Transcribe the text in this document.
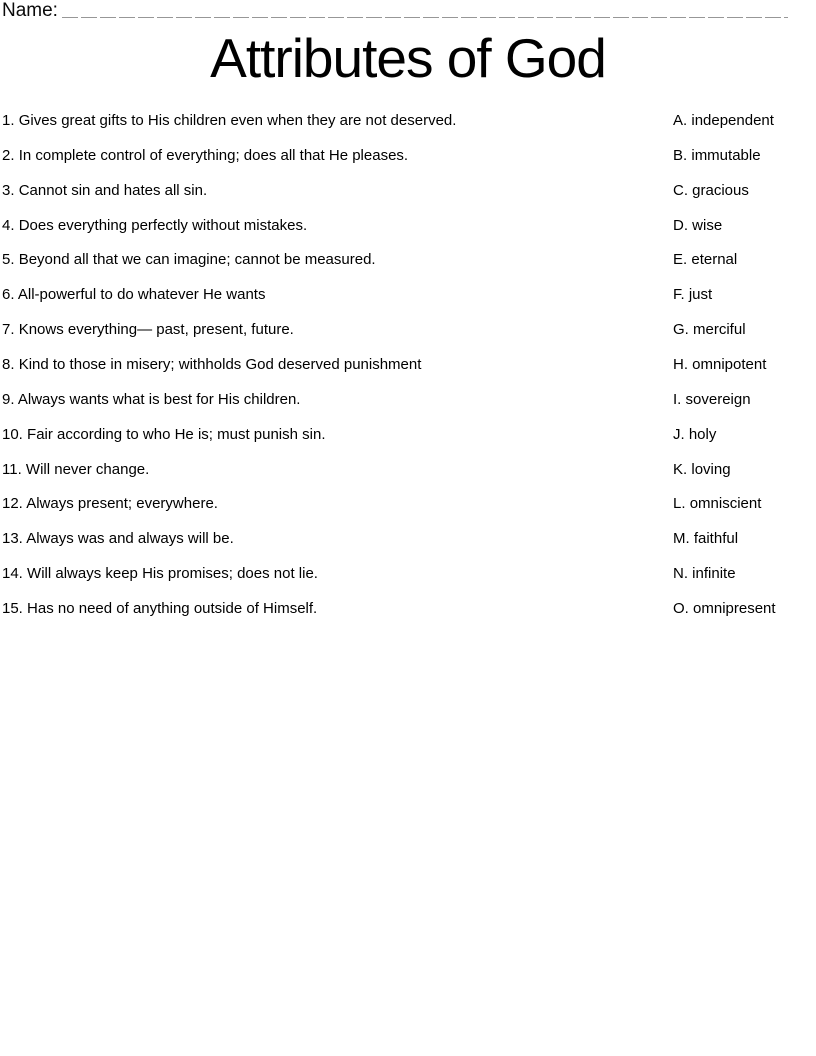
Name:
Attributes of God
1. Gives great gifts to His children even when they are not deserved.	A. independent
2. In complete control of everything; does all that He pleases.	B. immutable
3. Cannot sin and hates all sin.	C. gracious
4. Does everything perfectly without mistakes.	D. wise
5. Beyond all that we can imagine; cannot be measured.	E. eternal
6. All-powerful to do whatever He wants	F. just
7. Knows everything— past, present, future.	G. merciful
8. Kind to those in misery; withholds God deserved punishment	H. omnipotent
9. Always wants what is best for His children.	I. sovereign
10. Fair according to who He is; must punish sin.	J. holy
11. Will never change.	K. loving
12. Always present; everywhere.	L. omniscient
13. Always was and always will be.	M. faithful
14. Will always keep His promises; does not lie.	N. infinite
15. Has no need of anything outside of Himself.	O. omnipresent
